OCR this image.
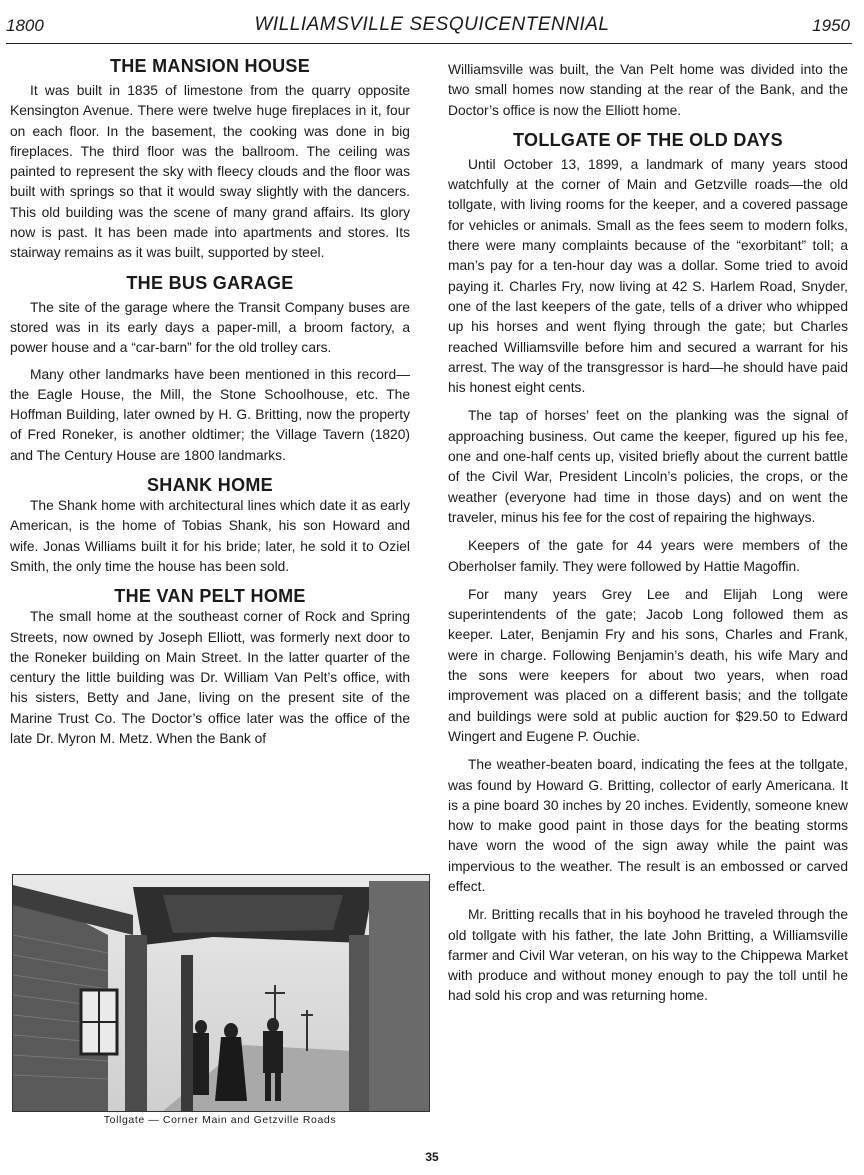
1800	WILLIAMSVILLE SESQUICENTENNIAL	1950
THE MANSION HOUSE

It was built in 1835 of limestone from the quarry opposite Kensington Avenue. There were twelve huge fireplaces in it, four on each floor. In the basement, the cooking was done in big fireplaces. The third floor was the ballroom. The ceiling was painted to represent the sky with fleecy clouds and the floor was built with springs so that it would sway slightly with the dancers. This old building was the scene of many grand affairs. Its glory now is past. It has been made into apartments and stores. Its stairway remains as it was built, supported by steel.

THE BUS GARAGE

The site of the garage where the Transit Company buses are stored was in its early days a paper-mill, a broom factory, a power house and a “car-barn” for the old trolley cars.

Many other landmarks have been mentioned in this record—the Eagle House, the Mill, the Stone Schoolhouse, etc. The Hoffman Building, later owned by H. G. Britting, now the property of Fred Roneker, is another oldtimer; the Village Tavern (1820) and The Century House are 1800 landmarks.

SHANK HOME

The Shank home with architectural lines which date it as early American, is the home of Tobias Shank, his son Howard and wife. Jonas Williams built it for his bride; later, he sold it to Oziel Smith, the only time the house has been sold.

THE VAN PELT HOME

The small home at the southeast corner of Rock and Spring Streets, now owned by Joseph Elliott, was formerly next door to the Roneker building on Main Street. In the latter quarter of the century the little building was Dr. William Van Pelt’s office, with his sisters, Betty and Jane, living on the present site of the Marine Trust Co. The Doctor’s office later was the office of the late Dr. Myron M. Metz. When the Bank of

Tollgate — Corner Main and Getzville Roads

Williamsville was built, the Van Pelt home was divided into the two small homes now standing at the rear of the Bank, and the Doctor’s office is now the Elliott home.

TOLLGATE OF THE OLD DAYS

Until October 13, 1899, a landmark of many years stood watchfully at the corner of Main and Getzville roads—the old tollgate, with living rooms for the keeper, and a covered passage for vehicles or animals. Small as the fees seem to modern folks, there were many complaints because of the “exorbitant” toll; a man’s pay for a ten-hour day was a dollar. Some tried to avoid paying it. Charles Fry, now living at 42 S. Harlem Road, Snyder, one of the last keepers of the gate, tells of a driver who whipped up his horses and went flying through the gate; but Charles reached Williamsville before him and secured a warrant for his arrest. The way of the transgressor is hard—he should have paid his honest eight cents.

The tap of horses’ feet on the planking was the signal of approaching business. Out came the keeper, figured up his fee, one and one-half cents up, visited briefly about the current battle of the Civil War, President Lincoln’s policies, the crops, or the weather (everyone had time in those days) and on went the traveler, minus his fee for the cost of repairing the highways.

Keepers of the gate for 44 years were members of the Oberholser family. They were followed by Hattie Magoffin.

For many years Grey Lee and Elijah Long were superintendents of the gate; Jacob Long followed them as keeper. Later, Benjamin Fry and his sons, Charles and Frank, were in charge. Following Benjamin’s death, his wife Mary and the sons were keepers for about two years, when road improvement was placed on a different basis; and the tollgate and buildings were sold at public auction for $29.50 to Edward Wingert and Eugene P. Ouchie.

The weather-beaten board, indicating the fees at the tollgate, was found by Howard G. Britting, collector of early Americana. It is a pine board 30 inches by 20 inches. Evidently, someone knew how to make good paint in those days for the beating storms have worn the wood of the sign away while the paint was impervious to the weather. The result is an embossed or carved effect.

Mr. Britting recalls that in his boyhood he traveled through the old tollgate with his father, the late John Britting, a Williamsville farmer and Civil War veteran, on his way to the Chippewa Market with produce and without money enough to pay the toll until he had sold his crop and was returning home.

35
